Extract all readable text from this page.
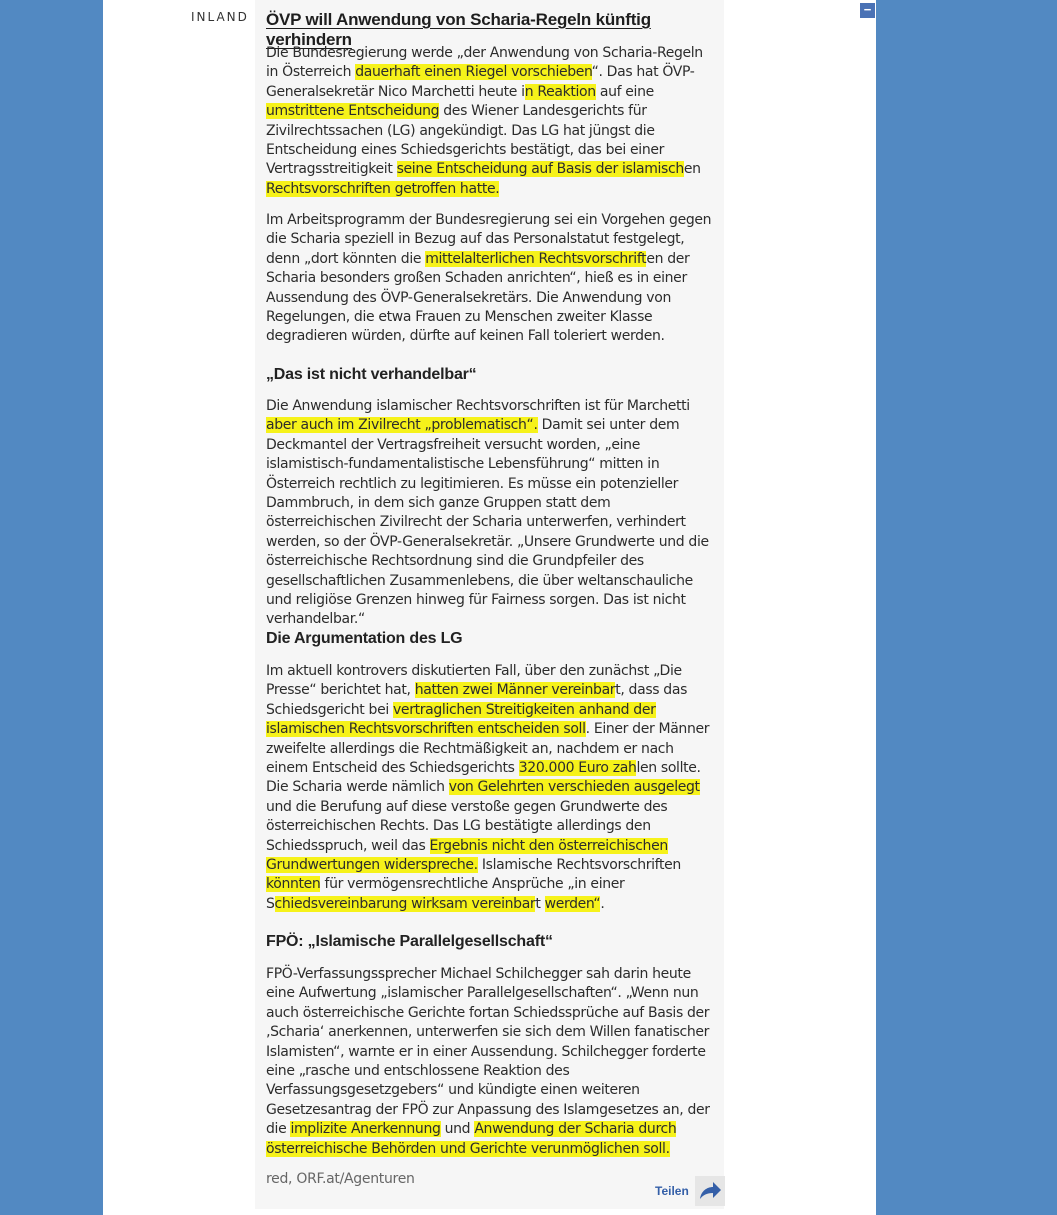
INLAND	−
ÖVP will Anwendung von Scharia-Regeln künftig verhindern

Die Bundesregierung werde „der Anwendung von Scharia-Regeln in Österreich dauerhaft einen Riegel vorschieben“. Das hat ÖVP-Generalsekretär Nico Marchetti heute in Reaktion auf eine umstrittene Entscheidung des Wiener Landesgerichts für Zivilrechtssachen (LG) angekündigt. Das LG hat jüngst die Entscheidung eines Schiedsgerichts bestätigt, das bei einer Vertragsstreitigkeit seine Entscheidung auf Basis der islamischen Rechtsvorschriften getroffen hatte.

Im Arbeitsprogramm der Bundesregierung sei ein Vorgehen gegen die Scharia speziell in Bezug auf das Personalstatut festgelegt, denn „dort könnten die mittelalterlichen Rechtsvorschriften der Scharia besonders großen Schaden anrichten“, hieß es in einer Aussendung des ÖVP-Generalsekretärs. Die Anwendung von Regelungen, die etwa Frauen zu Menschen zweiter Klasse degradieren würden, dürfte auf keinen Fall toleriert werden.

„Das ist nicht verhandelbar“

Die Anwendung islamischer Rechtsvorschriften ist für Marchetti aber auch im Zivilrecht „problematisch“. Damit sei unter dem Deckmantel der Vertragsfreiheit versucht worden, „eine islamistisch-fundamentalistische Lebensführung“ mitten in Österreich rechtlich zu legitimieren. Es müsse ein potenzieller Dammbruch, in dem sich ganze Gruppen statt dem österreichischen Zivilrecht der Scharia unterwerfen, verhindert werden, so der ÖVP-Generalsekretär. „Unsere Grundwerte und die österreichische Rechtsordnung sind die Grundpfeiler des gesellschaftlichen Zusammenlebens, die über weltanschauliche und religiöse Grenzen hinweg für Fairness sorgen. Das ist nicht verhandelbar.“

Die Argumentation des LG

Im aktuell kontrovers diskutierten Fall, über den zunächst „Die Presse“ berichtet hat, hatten zwei Männer vereinbart, dass das Schiedsgericht bei vertraglichen Streitigkeiten anhand der islamischen Rechtsvorschriften entscheiden soll. Einer der Männer zweifelte allerdings die Rechtmäßigkeit an, nachdem er nach einem Entscheid des Schiedsgerichts 320.000 Euro zahlen sollte. Die Scharia werde nämlich von Gelehrten verschieden ausgelegt und die Berufung auf diese verstoße gegen Grundwerte des österreichischen Rechts. Das LG bestätigte allerdings den Schiedsspruch, weil das Ergebnis nicht den österreichischen Grundwertungen widerspreche. Islamische Rechtsvorschriften könnten für vermögensrechtliche Ansprüche „in einer Schiedsvereinbarung wirksam vereinbart werden“.

FPÖ: „Islamische Parallelgesellschaft“

FPÖ-Verfassungssprecher Michael Schilchegger sah darin heute eine Aufwertung „islamischer Parallelgesellschaften“. „Wenn nun auch österreichische Gerichte fortan Schiedssprüche auf Basis der ‚Scharia‘ anerkennen, unterwerfen sie sich dem Willen fanatischer Islamisten“, warnte er in einer Aussendung. Schilchegger forderte eine „rasche und entschlossene Reaktion des Verfassungsgesetzgebers“ und kündigte einen weiteren Gesetzesantrag der FPÖ zur Anpassung des Islamgesetzes an, der die implizite Anerkennung und Anwendung der Scharia durch österreichische Behörden und Gerichte verunmöglichen soll.

red, ORF.at/Agenturen
Teilen
